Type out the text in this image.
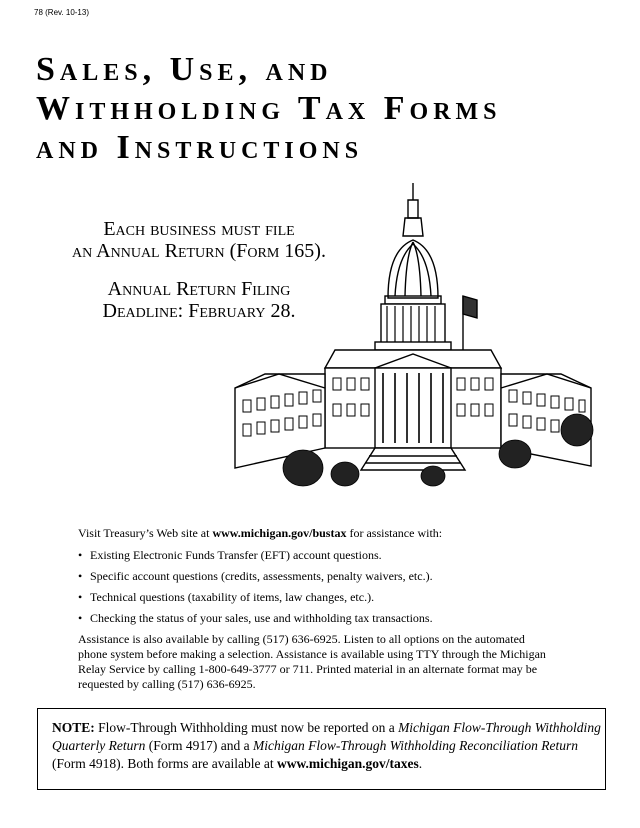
78 (Rev. 10-13)
Sales, Use, and
Withholding Tax Forms
and Instructions
Each business must file
an Annual Return (Form 165).
Annual Return Filing
Deadline: February 28.

Visit Treasury’s Web site at www.michigan.gov/bustax for assistance with:

• Existing Electronic Funds Transfer (EFT) account questions.
• Specific account questions (credits, assessments, penalty waivers, etc.).
• Technical questions (taxability of items, law changes, etc.).
• Checking the status of your sales, use and withholding tax transactions.

Assistance is also available by calling (517) 636-6925. Listen to all options on the automated
phone system before making a selection. Assistance is available using TTY through the Michigan
Relay Service by calling 1-800-649-3777 or 711. Printed material in an alternate format may be
requested by calling (517) 636-6925.

NOTE: Flow-Through Withholding must now be reported on a Michigan Flow-Through Withholding
Quarterly Return (Form 4917) and a Michigan Flow-Through Withholding Reconciliation Return
(Form 4918). Both forms are available at www.michigan.gov/taxes.
